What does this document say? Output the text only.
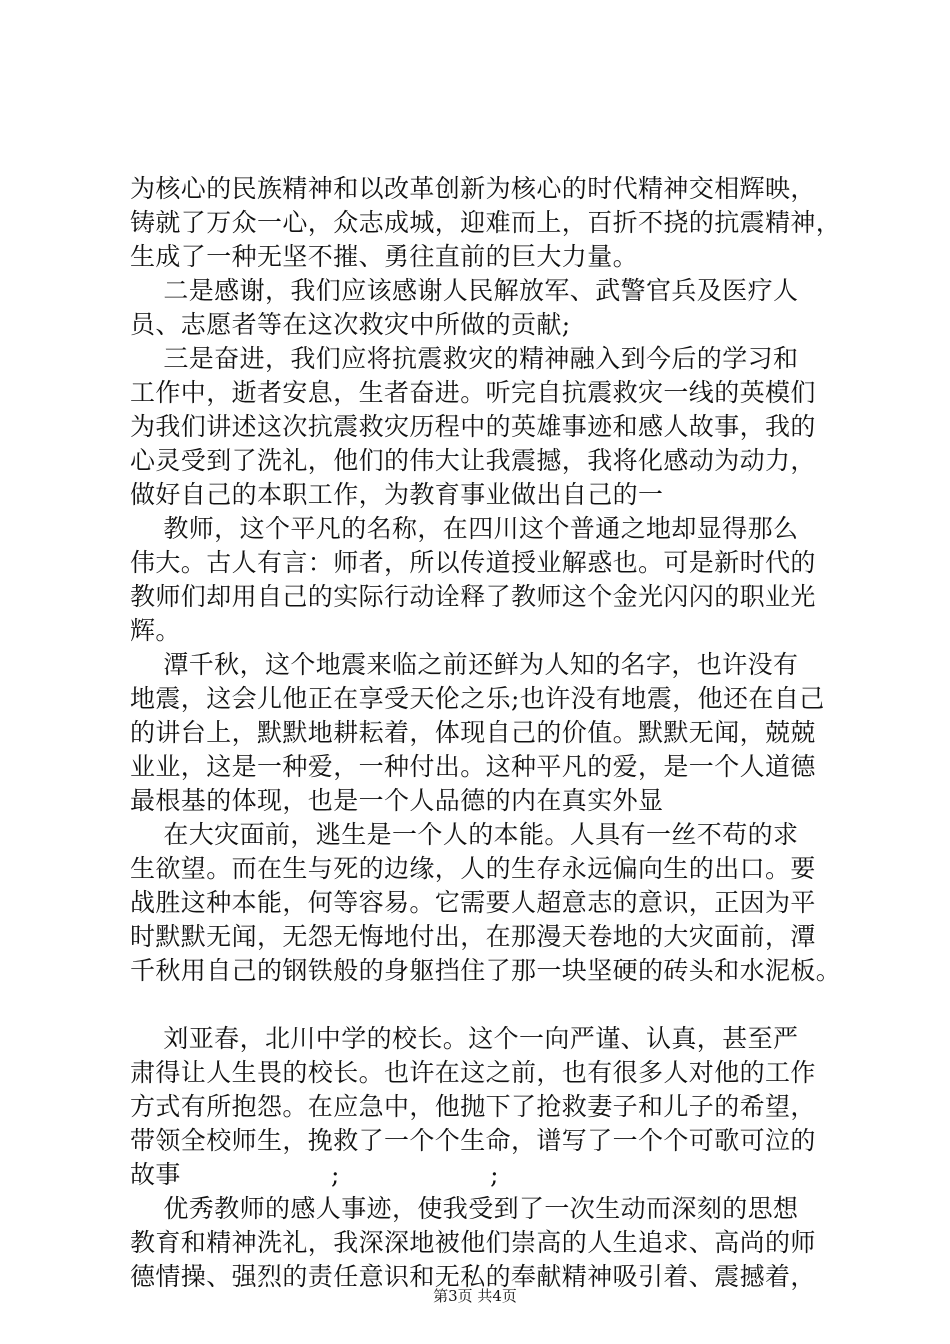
为核心的民族精神和以改革创新为核心的时代精神交相辉映，
铸就了万众一心，众志成城，迎难而上，百折不挠的抗震精神，
生成了一种无坚不摧、勇往直前的巨大力量。
二是感谢，我们应该感谢人民解放军、武警官兵及医疗人
员、志愿者等在这次救灾中所做的贡献;
三是奋进，我们应将抗震救灾的精神融入到今后的学习和
工作中，逝者安息，生者奋进。听完自抗震救灾一线的英模们
为我们讲述这次抗震救灾历程中的英雄事迹和感人故事，我的
心灵受到了洗礼，他们的伟大让我震撼，我将化感动为动力，
做好自己的本职工作，为教育事业做出自己的一
教师，这个平凡的名称，在四川这个普通之地却显得那么
伟大。古人有言：师者，所以传道授业解惑也。可是新时代的
教师们却用自己的实际行动诠释了教师这个金光闪闪的职业光
辉。
潭千秋，这个地震来临之前还鲜为人知的名字，也许没有
地震，这会儿他正在享受天伦之乐;也许没有地震，他还在自己
的讲台上，默默地耕耘着，体现自己的价值。默默无闻，兢兢
业业，这是一种爱，一种付出。这种平凡的爱，是一个人道德
最根基的体现，也是一个人品德的内在真实外显
在大灾面前，逃生是一个人的本能。人具有一丝不苟的求
生欲望。而在生与死的边缘，人的生存永远偏向生的出口。要
战胜这种本能，何等容易。它需要人超意志的意识，正因为平
时默默无闻，无怨无悔地付出，在那漫天卷地的大灾面前，潭
千秋用自己的钢铁般的身躯挡住了那一块坚硬的砖头和水泥板。
刘亚春，北川中学的校长。这个一向严谨、认真，甚至严
肃得让人生畏的校长。也许在这之前，也有很多人对他的工作
方式有所抱怨。在应急中，他抛下了抢救妻子和儿子的希望，
带领全校师生，挽救了一个个生命，谱写了一个个可歌可泣的
故事                  ;                  ;
优秀教师的感人事迹，使我受到了一次生动而深刻的思想
教育和精神洗礼，我深深地被他们崇高的人生追求、高尚的师
德情操、强烈的责任意识和无私的奉献精神吸引着、震撼着，
第3页 共4页
